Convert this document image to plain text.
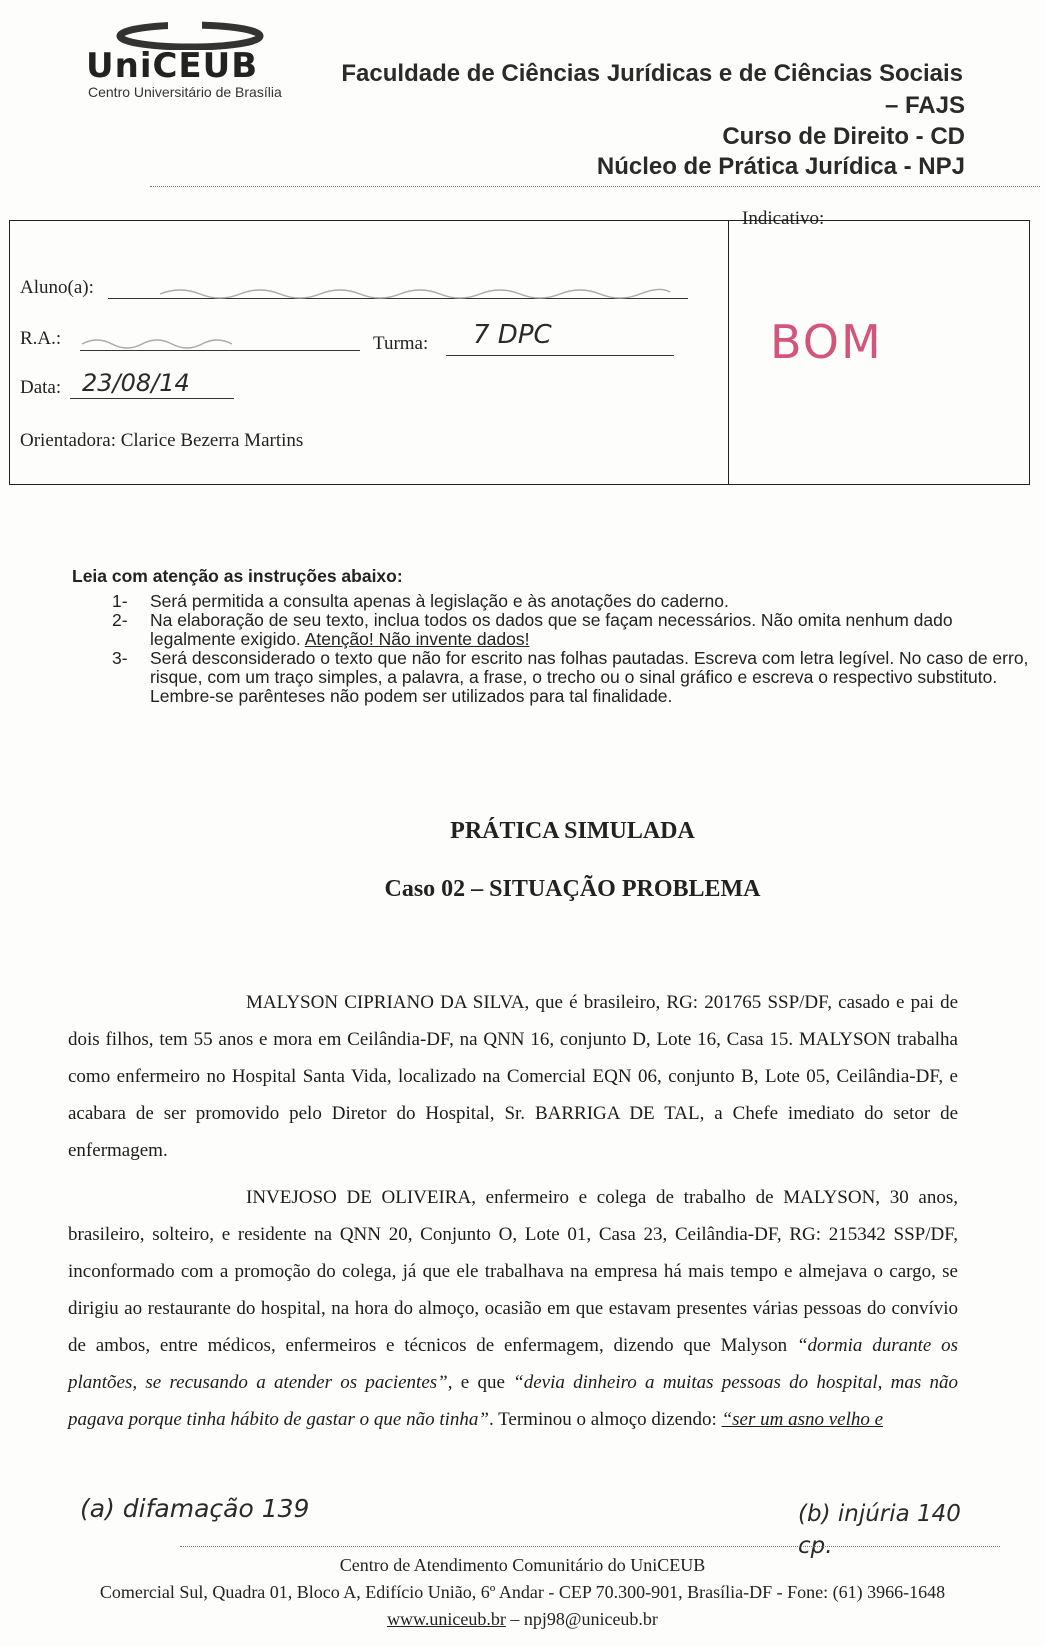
UniCEUB
Centro Universitário de Brasília
Faculdade de Ciências Jurídicas e de Ciências Sociais
– FAJS
Curso de Direito - CD
Núcleo de Prática Jurídica - NPJ
Aluno(a):
R.A.:	Turma: 7 DPC
Data: 23/08/14
Orientadora: Clarice Bezerra Martins
Indicativo:
BOM
Leia com atenção as instruções abaixo:
1- Será permitida a consulta apenas à legislação e às anotações do caderno.
2- Na elaboração de seu texto, inclua todos os dados que se façam necessários. Não omita nenhum dado legalmente exigido. Atenção! Não invente dados!
3- Será desconsiderado o texto que não for escrito nas folhas pautadas. Escreva com letra legível. No caso de erro, risque, com um traço simples, a palavra, a frase, o trecho ou o sinal gráfico e escreva o respectivo substituto. Lembre-se parênteses não podem ser utilizados para tal finalidade.
PRÁTICA SIMULADA
Caso 02 – SITUAÇÃO PROBLEMA

MALYSON CIPRIANO DA SILVA, que é brasileiro, RG: 201765 SSP/DF, casado e pai de dois filhos, tem 55 anos e mora em Ceilândia-DF, na QNN 16, conjunto D, Lote 16, Casa 15. MALYSON trabalha como enfermeiro no Hospital Santa Vida, localizado na Comercial EQN 06, conjunto B, Lote 05, Ceilândia-DF, e acabara de ser promovido pelo Diretor do Hospital, Sr. BARRIGA DE TAL, a Chefe imediato do setor de enfermagem.

INVEJOSO DE OLIVEIRA, enfermeiro e colega de trabalho de MALYSON, 30 anos, brasileiro, solteiro, e residente na QNN 20, Conjunto O, Lote 01, Casa 23, Ceilândia-DF, RG: 215342 SSP/DF, inconformado com a promoção do colega, já que ele trabalhava na empresa há mais tempo e almejava o cargo, se dirigiu ao restaurante do hospital, na hora do almoço, ocasião em que estavam presentes várias pessoas do convívio de ambos, entre médicos, enfermeiros e técnicos de enfermagem, dizendo que Malyson “dormia durante os plantões, se recusando a atender os pacientes”, e que “devia dinheiro a muitas pessoas do hospital, mas não pagava porque tinha hábito de gastar o que não tinha”. Terminou o almoço dizendo: “ser um asno velho e

(a) difamação 139	(b) injúria 140 cp.
Centro de Atendimento Comunitário do UniCEUB
Comercial Sul, Quadra 01, Bloco A, Edifício União, 6º Andar - CEP 70.300-901, Brasília-DF - Fone: (61) 3966-1648
www.uniceub.br – npj98@uniceub.br
